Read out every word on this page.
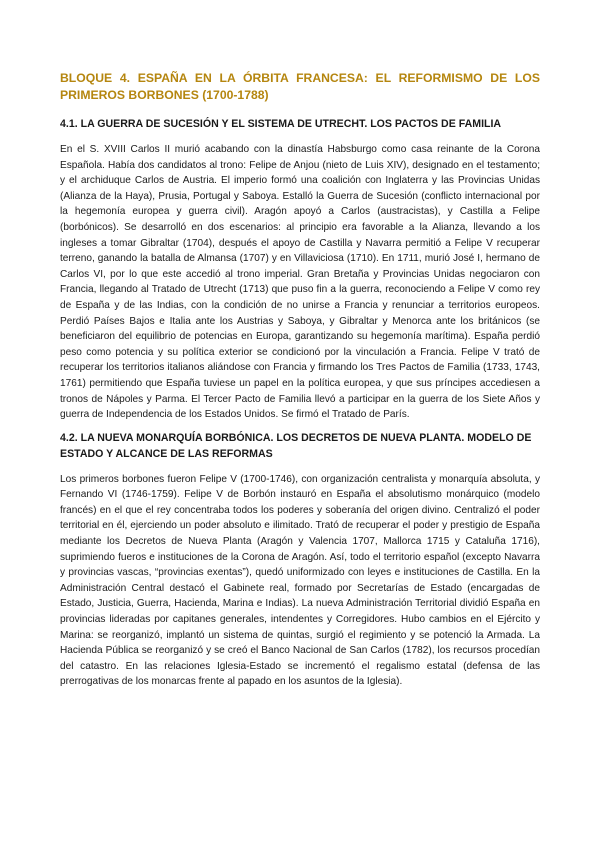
BLOQUE 4. ESPAÑA EN LA ÓRBITA FRANCESA: EL REFORMISMO DE LOS PRIMEROS BORBONES (1700-1788)
4.1. LA GUERRA DE SUCESIÓN Y EL SISTEMA DE UTRECHT. LOS PACTOS DE FAMILIA

En el S. XVIII Carlos II murió acabando con la dinastía Habsburgo como casa reinante de la Corona Española. Había dos candidatos al trono: Felipe de Anjou (nieto de Luis XIV), designado en el testamento; y el archiduque Carlos de Austria. El imperio formó una coalición con Inglaterra y las Provincias Unidas (Alianza de la Haya), Prusia, Portugal y Saboya. Estalló la Guerra de Sucesión (conflicto internacional por la hegemonía europea y guerra civil). Aragón apoyó a Carlos (austracistas), y Castilla a Felipe (borbónicos). Se desarrolló en dos escenarios: al principio era favorable a la Alianza, llevando a los ingleses a tomar Gibraltar (1704), después el apoyo de Castilla y Navarra permitió a Felipe V recuperar terreno, ganando la batalla de Almansa (1707) y en Villaviciosa (1710). En 1711, murió José I, hermano de Carlos VI, por lo que este accedió al trono imperial. Gran Bretaña y Provincias Unidas negociaron con Francia, llegando al Tratado de Utrecht (1713) que puso fin a la guerra, reconociendo a Felipe V como rey de España y de las Indias, con la condición de no unirse a Francia y renunciar a territorios europeos. Perdió Países Bajos e Italia ante los Austrias y Saboya, y Gibraltar y Menorca ante los británicos (se beneficiaron del equilibrio de potencias en Europa, garantizando su hegemonía marítima). España perdió peso como potencia y su política exterior se condicionó por la vinculación a Francia. Felipe V trató de recuperar los territorios italianos aliándose con Francia y firmando los Tres Pactos de Familia (1733, 1743, 1761) permitiendo que España tuviese un papel en la política europea, y que sus príncipes accediesen a tronos de Nápoles y Parma. El Tercer Pacto de Familia llevó a participar en la guerra de los Siete Años y guerra de Independencia de los Estados Unidos. Se firmó el Tratado de París.

4.2. LA NUEVA MONARQUÍA BORBÓNICA. LOS DECRETOS DE NUEVA PLANTA. MODELO DE ESTADO Y ALCANCE DE LAS REFORMAS

Los primeros borbones fueron Felipe V (1700-1746), con organización centralista y monarquía absoluta, y Fernando VI (1746-1759). Felipe V de Borbón instauró en España el absolutismo monárquico (modelo francés) en el que el rey concentraba todos los poderes y soberanía del origen divino. Centralizó el poder territorial en él, ejerciendo un poder absoluto e ilimitado. Trató de recuperar el poder y prestigio de España mediante los Decretos de Nueva Planta (Aragón y Valencia 1707, Mallorca 1715 y Cataluña 1716), suprimiendo fueros e instituciones de la Corona de Aragón. Así, todo el territorio español (excepto Navarra y provincias vascas, “provincias exentas”), quedó uniformizado con leyes e instituciones de Castilla. En la Administración Central destacó el Gabinete real, formado por Secretarías de Estado (encargadas de Estado, Justicia, Guerra, Hacienda, Marina e Indias). La nueva Administración Territorial dividió España en provincias lideradas por capitanes generales, intendentes y Corregidores. Hubo cambios en el Ejército y Marina: se reorganizó, implantó un sistema de quintas, surgió el regimiento y se potenció la Armada. La Hacienda Pública se reorganizó y se creó el Banco Nacional de San Carlos (1782), los recursos procedían del catastro. En las relaciones Iglesia-Estado se incrementó el regalismo estatal (defensa de las prerrogativas de los monarcas frente al papado en los asuntos de la Iglesia).
